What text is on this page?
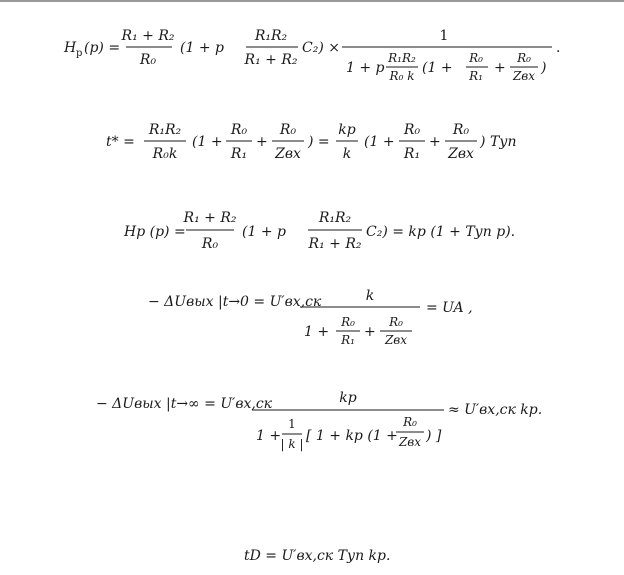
H р (p) =
R₁ + R₂
R₀
(1 + p
R₁R₂
R₁ + R₂
C₂) ×
1
1 + p
R₁R₂
R₀ k (1 +
R₀
R₁ +
R₀
Zвх )
.
t* =
R₁R₂
R₀k
(1 +
R₀
R₁
+
R₀
Zвх
) =
kр
k
(1 +
R₀
R₁
+
R₀
Zвх
) Tуп
Hр (p) =
R₁ + R₂
R₀
(1 + p
R₁R₂
R₁ + R₂
C₂) = kр (1 + Tуп p).
− ΔUвых |t→0 = U′вх,ск	k
1 +
R₀
R₁ +
R₀
Zвх
= UA ,
− ΔUвых |t→∞ = U′вх,ск	kр
1 +
1
| k | [ 1 + kр (1 +
R₀
Zвх ) ]
≈ U′вх,ск kр.
tD = U′вх,ск Tуп kр.
